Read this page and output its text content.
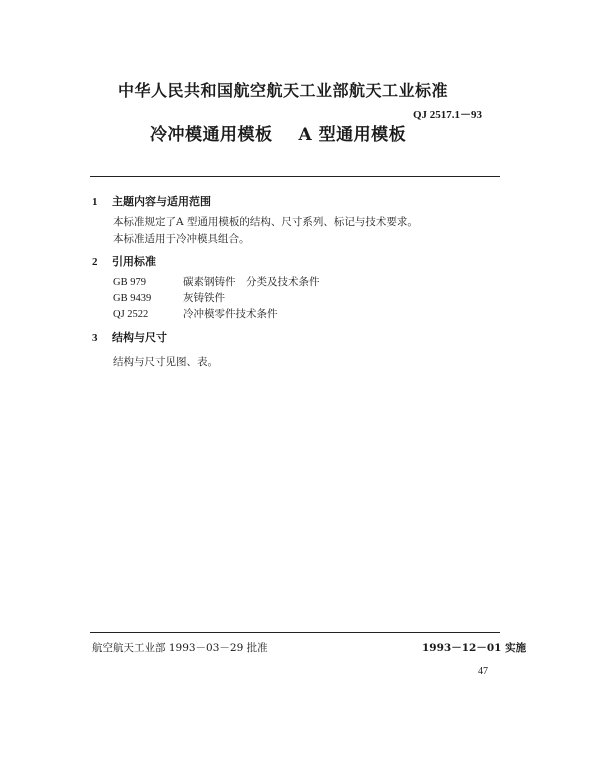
中华人民共和国航空航天工业部航天工业标准
QJ 2517.1－93
冷冲模通用模板 A 型通用模板
1 主题内容与适用范围
本标准规定了A 型通用模板的结构、尺寸系列、标记与技术要求。
本标准适用于冷冲模具组合。
2 引用标准
GB 979	碳素钢铸件　分类及技术条件
GB 9439	灰铸铁件
QJ 2522	冷冲模零件技术条件
3 结构与尺寸
结构与尺寸见图、表。
航空航天工业部 1993－03－29 批准	1993－12－01 实施
47
